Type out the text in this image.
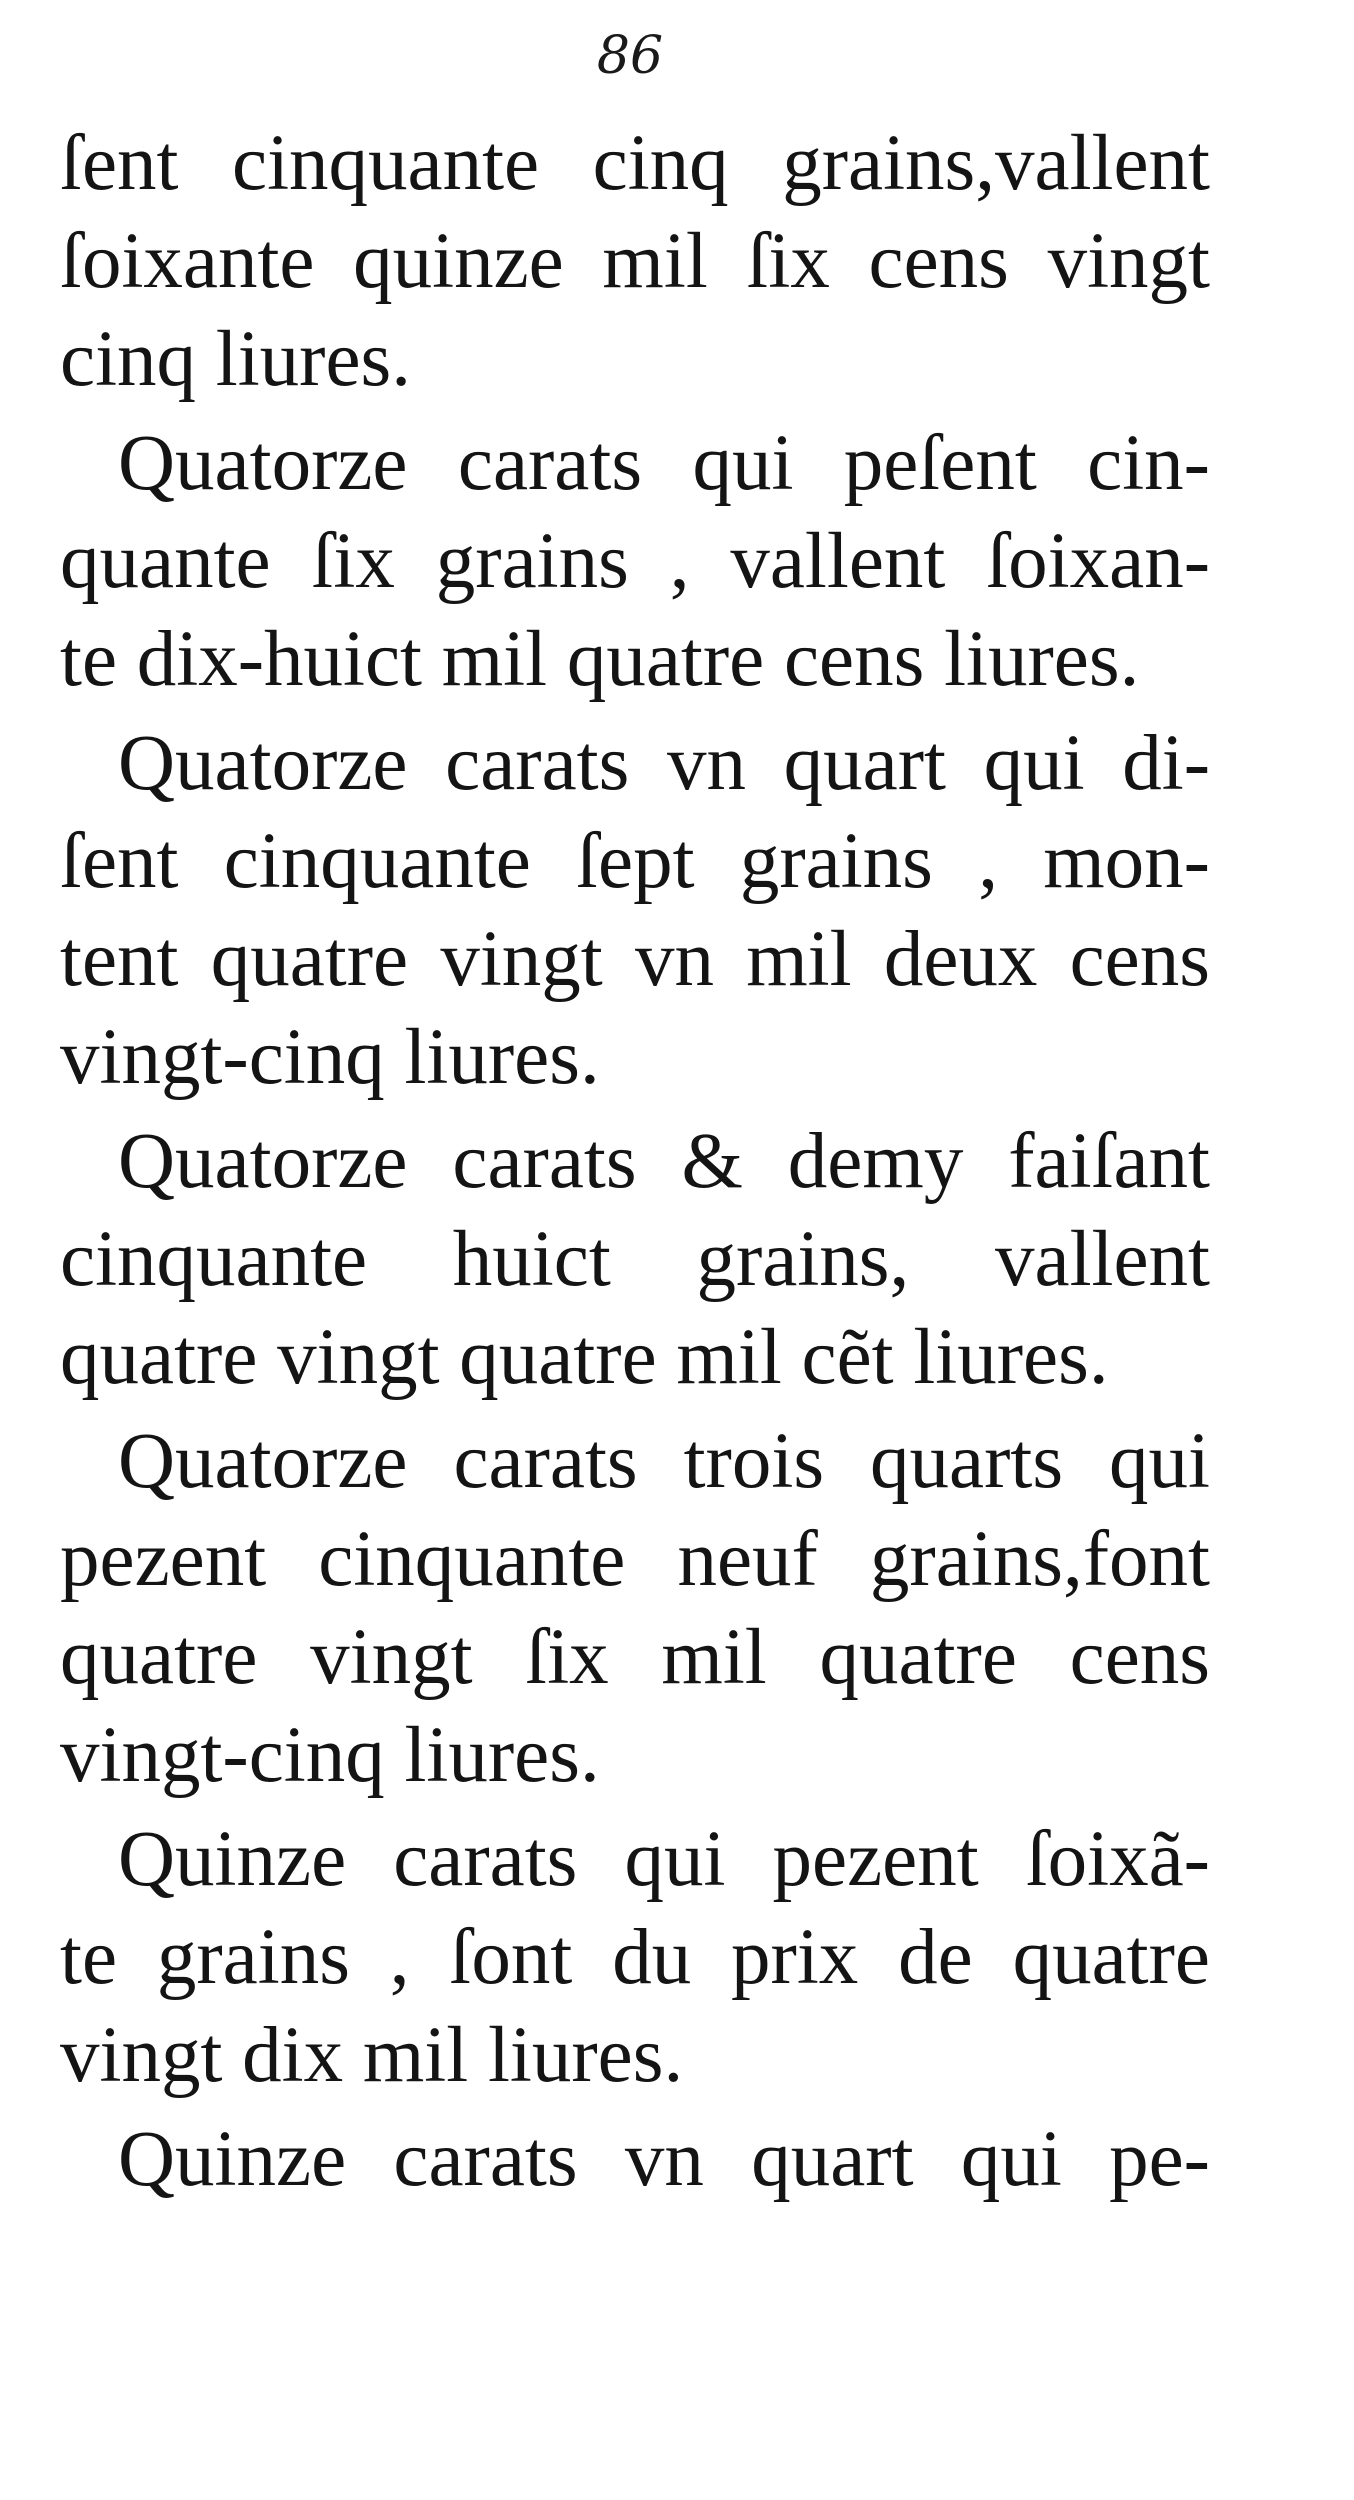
86
ſent cinquante cinq grains,vallent
ſoixante quinze mil ſix cens vingt
cinq liures.
Quatorze carats qui peſent cin-
quante ſix grains , vallent ſoixan-
te dix-huict mil quatre cens liures.
Quatorze carats vn quart qui di-
ſent cinquante ſept grains , mon-
tent quatre vingt vn mil deux cens
vingt-cinq liures.
Quatorze carats & demy faiſant
cinquante huict grains, vallent
quatre vingt quatre mil cẽt liures.
Quatorze carats trois quarts qui
pezent cinquante neuf grains,font
quatre vingt ſix mil quatre cens
vingt-cinq liures.
Quinze carats qui pezent ſoixã-
te grains , ſont du prix de quatre
vingt dix mil liures.
Quinze carats vn quart qui pe-
